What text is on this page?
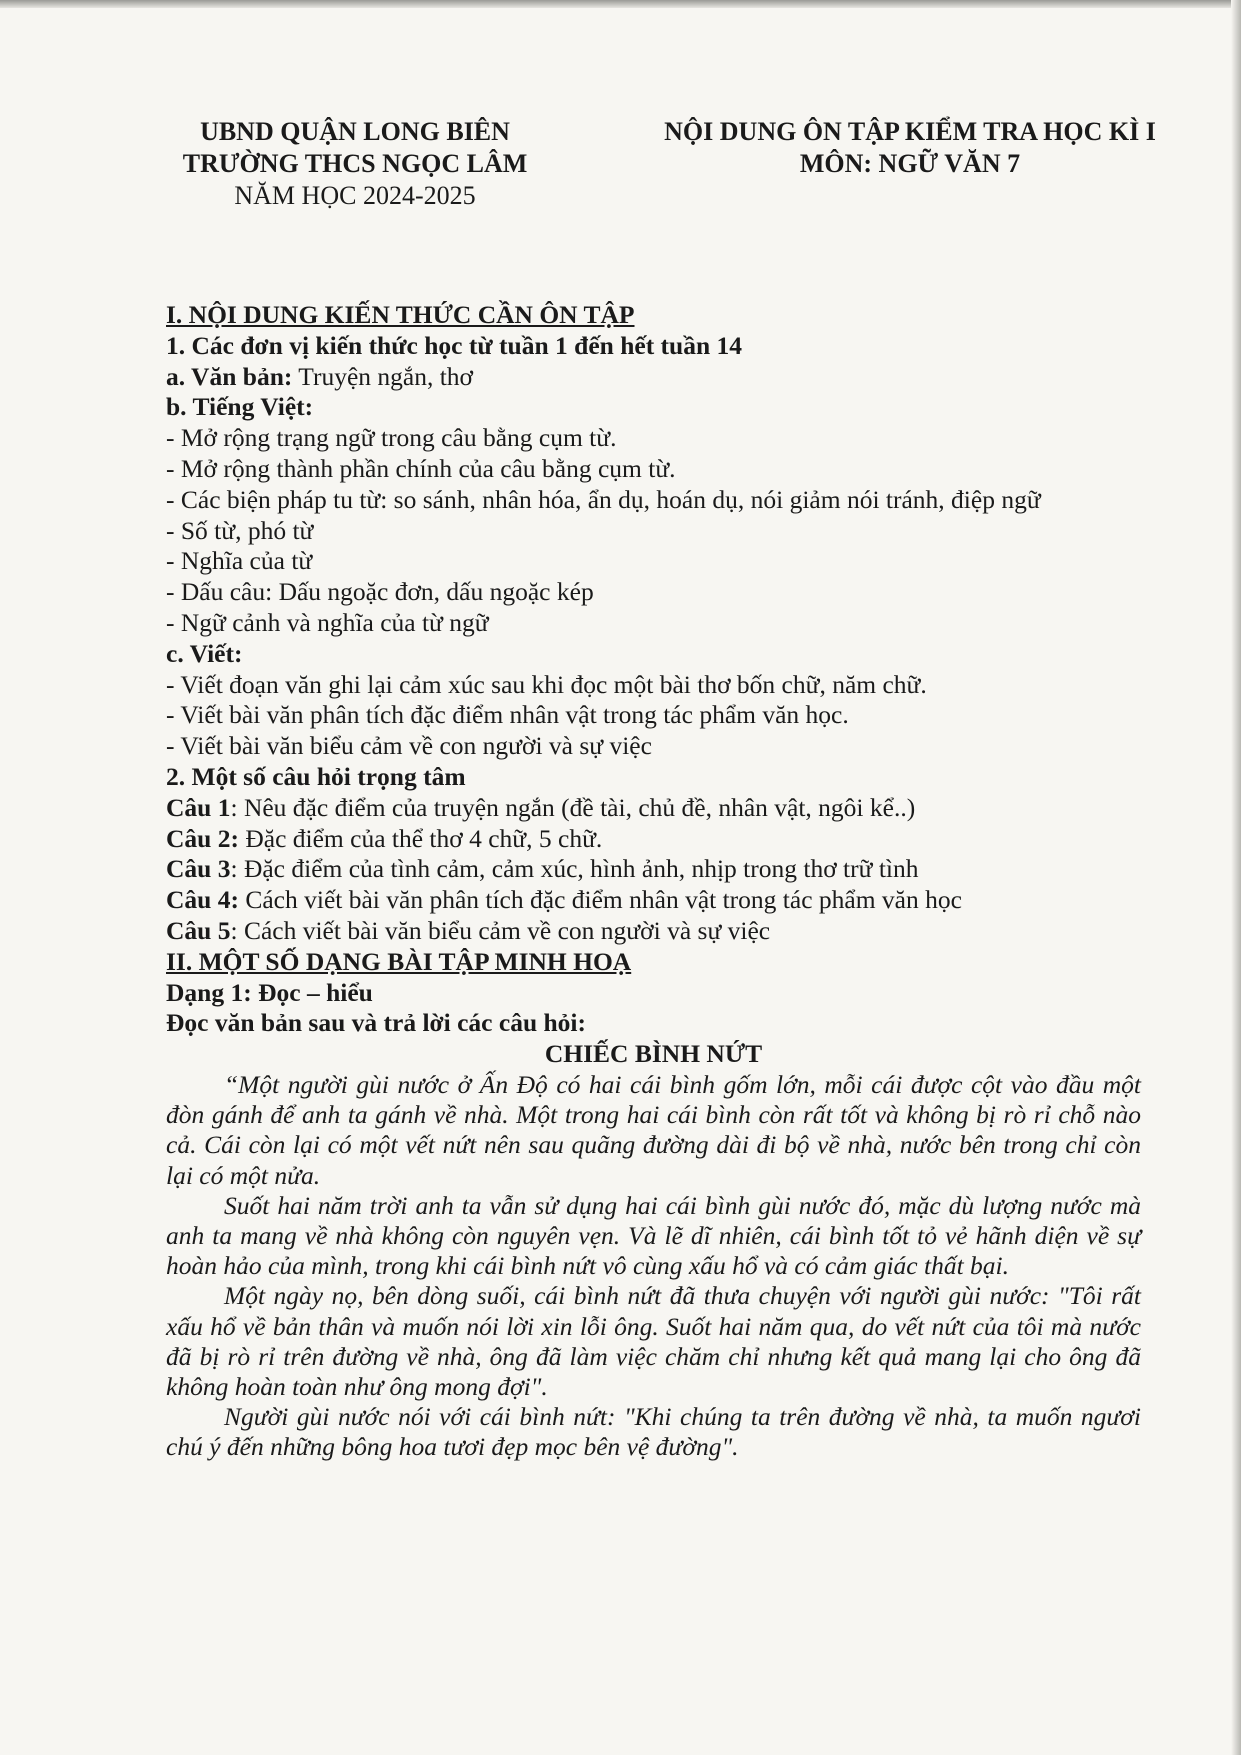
UBND QUẬN LONG BIÊN
TRƯỜNG THCS NGỌC LÂM
NĂM HỌC 2024-2025
NỘI DUNG ÔN TẬP KIỂM TRA HỌC KÌ I
MÔN: NGỮ VĂN 7
I. NỘI DUNG KIẾN THỨC CẦN ÔN TẬP
1. Các đơn vị kiến thức học từ tuần 1 đến hết tuần 14
a. Văn bản: Truyện ngắn, thơ
b. Tiếng Việt:
- Mở rộng trạng ngữ trong câu bằng cụm từ.
- Mở rộng thành phần chính của câu bằng cụm từ.
- Các biện pháp tu từ: so sánh, nhân hóa, ẩn dụ, hoán dụ, nói giảm nói tránh, điệp ngữ
- Số từ, phó từ
- Nghĩa của từ
- Dấu câu: Dấu ngoặc đơn, dấu ngoặc kép
- Ngữ cảnh và nghĩa của từ ngữ
c. Viết:
- Viết đoạn văn ghi lại cảm xúc sau khi đọc một bài thơ bốn chữ, năm chữ.
- Viết bài văn phân tích đặc điểm nhân vật trong tác phẩm văn học.
- Viết bài văn biểu cảm về con người và sự việc
2. Một số câu hỏi trọng tâm
Câu 1: Nêu đặc điểm của truyện ngắn (đề tài, chủ đề, nhân vật, ngôi kể..)
Câu 2: Đặc điểm của thể thơ 4 chữ, 5 chữ.
Câu 3: Đặc điểm của tình cảm, cảm xúc, hình ảnh, nhịp trong thơ trữ tình
Câu 4: Cách viết bài văn phân tích đặc điểm nhân vật trong tác phẩm văn học
Câu 5: Cách viết bài văn biểu cảm về con người và sự việc
II. MỘT SỐ DẠNG BÀI TẬP MINH HOẠ
Dạng 1: Đọc – hiểu
Đọc văn bản sau và trả lời các câu hỏi:
CHIẾC BÌNH NỨT

“Một người gùi nước ở Ấn Độ có hai cái bình gốm lớn, mỗi cái được cột vào đầu một đòn gánh để anh ta gánh về nhà. Một trong hai cái bình còn rất tốt và không bị rò rỉ chỗ nào cả. Cái còn lại có một vết nứt nên sau quãng đường dài đi bộ về nhà, nước bên trong chỉ còn lại có một nửa.

Suốt hai năm trời anh ta vẫn sử dụng hai cái bình gùi nước đó, mặc dù lượng nước mà anh ta mang về nhà không còn nguyên vẹn. Và lẽ dĩ nhiên, cái bình tốt tỏ vẻ hãnh diện về sự hoàn hảo của mình, trong khi cái bình nứt vô cùng xấu hổ và có cảm giác thất bại.

Một ngày nọ, bên dòng suối, cái bình nứt đã thưa chuyện với người gùi nước: "Tôi rất xấu hổ về bản thân và muốn nói lời xin lỗi ông. Suốt hai năm qua, do vết nứt của tôi mà nước đã bị rò rỉ trên đường về nhà, ông đã làm việc chăm chỉ nhưng kết quả mang lại cho ông đã không hoàn toàn như ông mong đợi".

Người gùi nước nói với cái bình nứt: "Khi chúng ta trên đường về nhà, ta muốn ngươi chú ý đến những bông hoa tươi đẹp mọc bên vệ đường".
